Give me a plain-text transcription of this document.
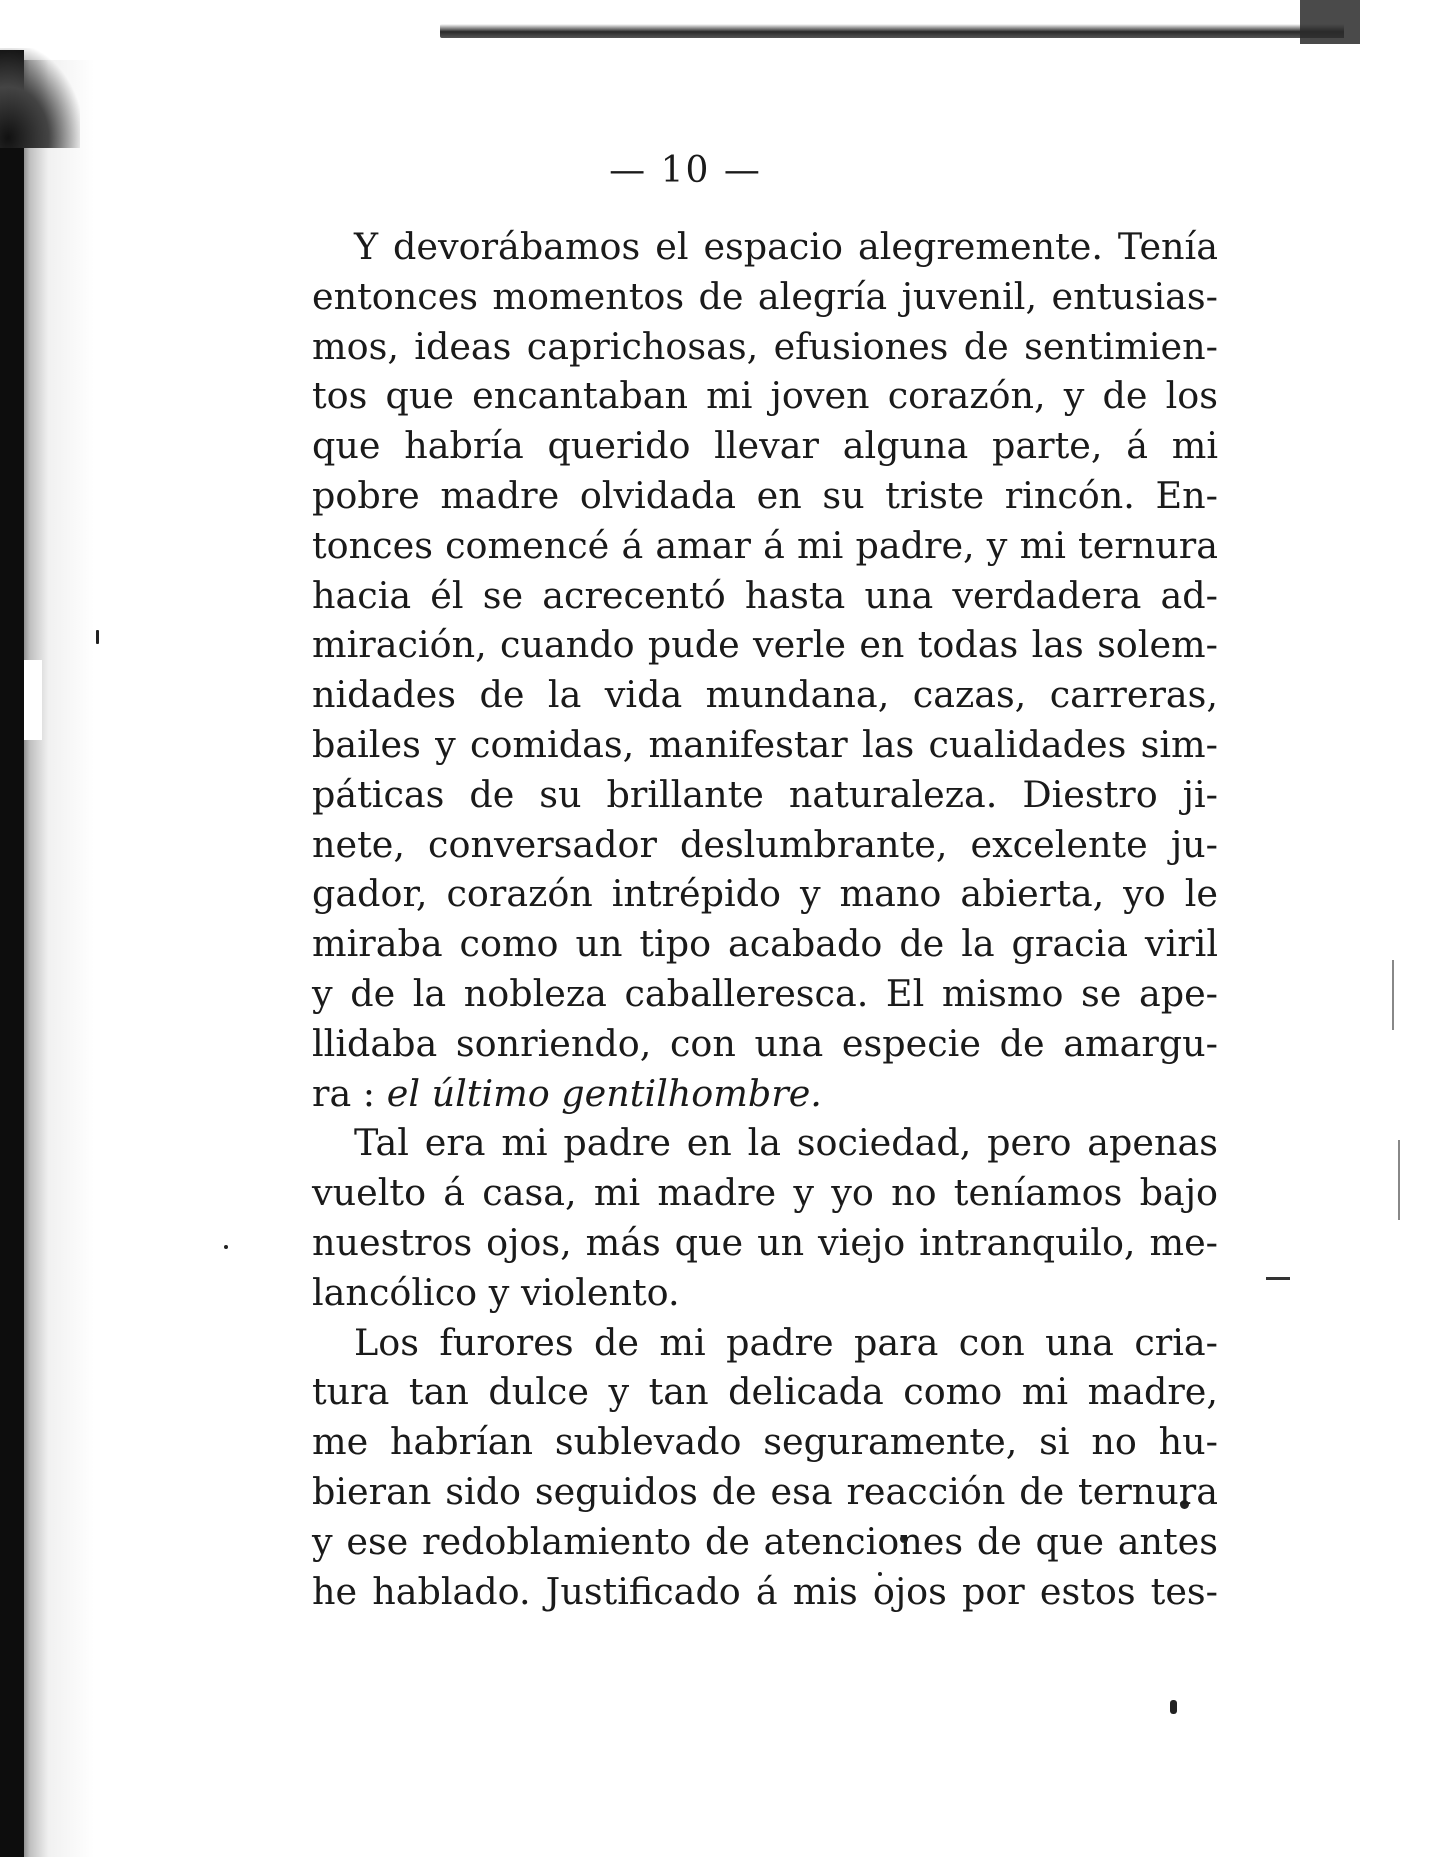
— 10 —
Y devorábamos el espacio alegremente. Tenía
entonces momentos de alegría juvenil, entusias-
mos, ideas caprichosas, efusiones de sentimien-
tos que encantaban mi joven corazón, y de los
que habría querido llevar alguna parte, á mi
pobre madre olvidada en su triste rincón. En-
tonces comencé á amar á mi padre, y mi ternura
hacia él se acrecentó hasta una verdadera ad-
miración, cuando pude verle en todas las solem-
nidades de la vida mundana, cazas, carreras,
bailes y comidas, manifestar las cualidades sim-
páticas de su brillante naturaleza. Diestro ji-
nete, conversador deslumbrante, excelente ju-
gador, corazón intrépido y mano abierta, yo le
miraba como un tipo acabado de la gracia viril
y de la nobleza caballeresca. El mismo se ape-
llidaba sonriendo, con una especie de amargu-
ra : el último gentilhombre.
Tal era mi padre en la sociedad, pero apenas
vuelto á casa, mi madre y yo no teníamos bajo
nuestros ojos, más que un viejo intranquilo, me-
lancólico y violento.
Los furores de mi padre para con una cria-
tura tan dulce y tan delicada como mi madre,
me habrían sublevado seguramente, si no hu-
bieran sido seguidos de esa reacción de ternura
y ese redoblamiento de atenciones de que antes
he hablado. Justificado á mis ojos por estos tes-
